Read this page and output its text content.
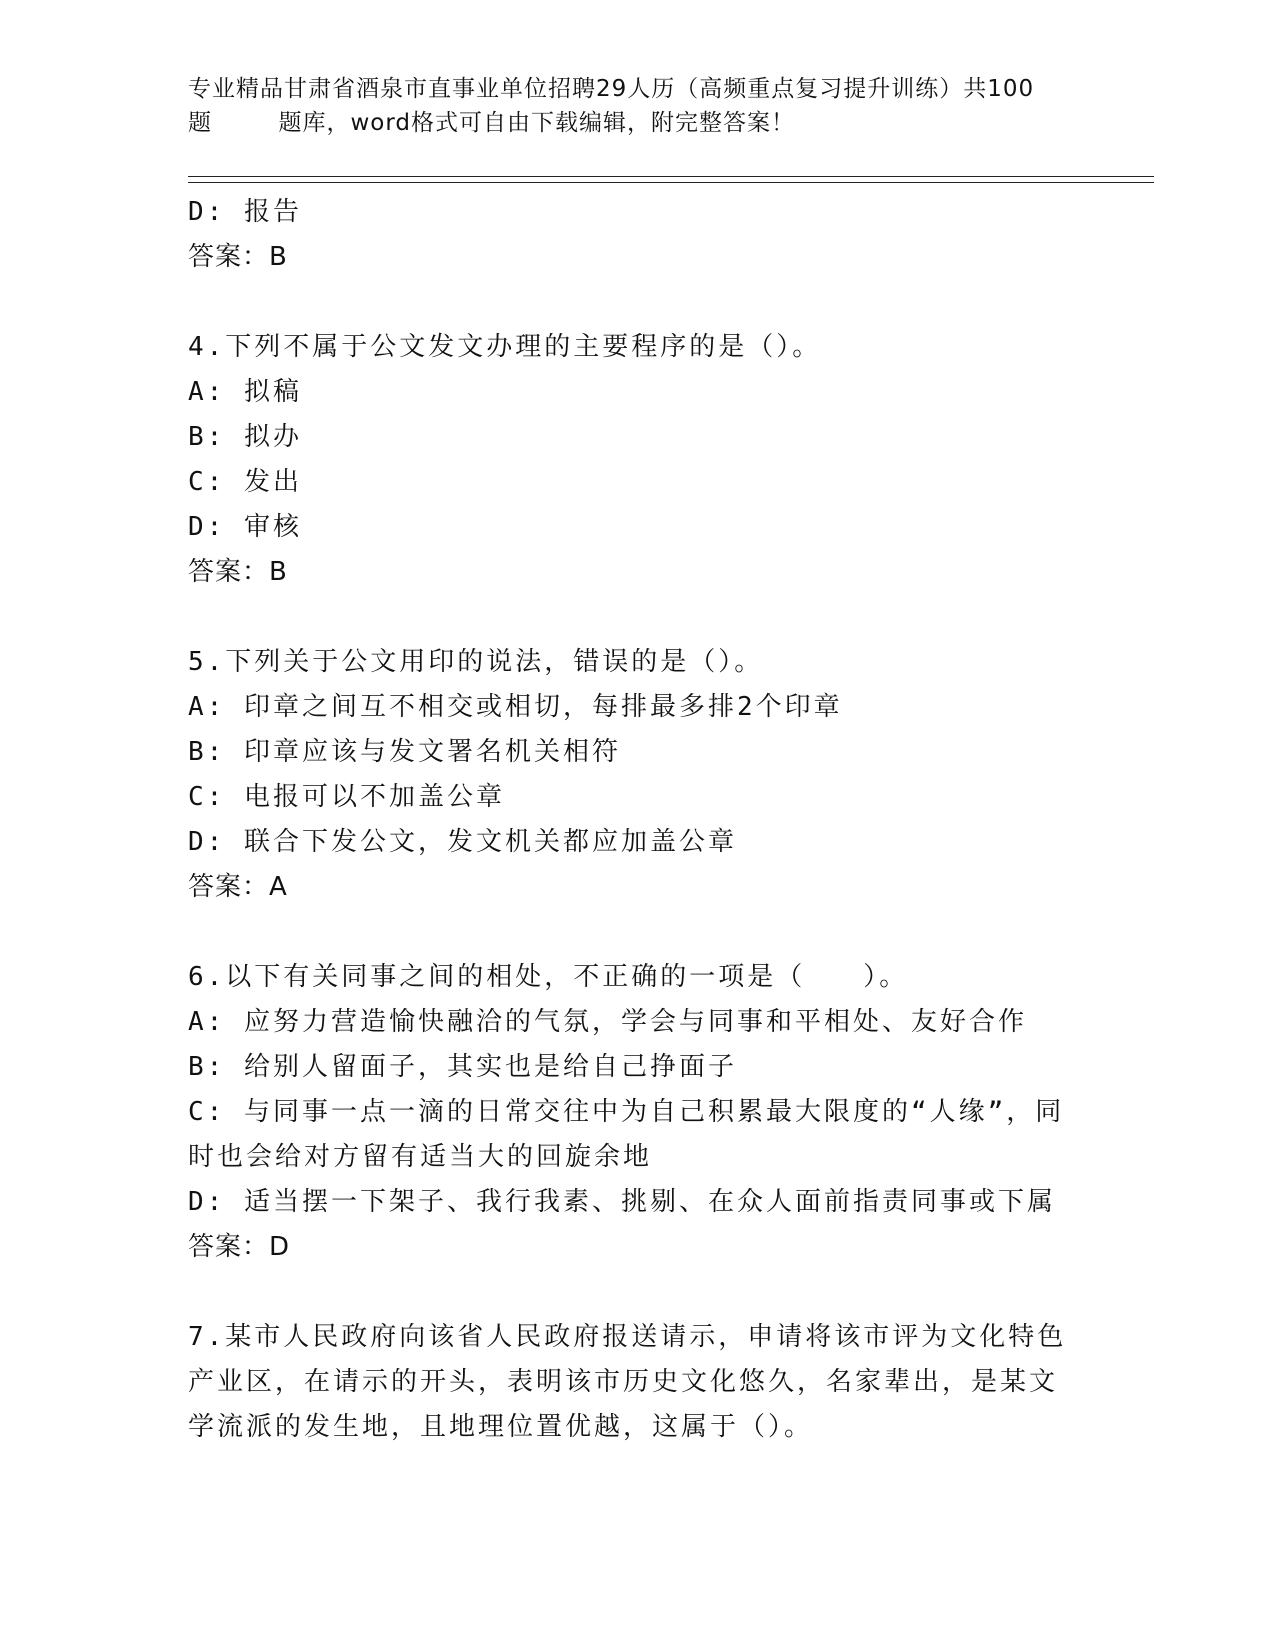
专业精品甘肃省酒泉市直事业单位招聘29人历（高频重点复习提升训练）共100
题        题库，word格式可自由下载编辑，附完整答案！
D: 报告
答案：B
4.下列不属于公文发文办理的主要程序的是（）。
A: 拟稿
B: 拟办
C: 发出
D: 审核
答案：B
5.下列关于公文用印的说法，错误的是（）。
A: 印章之间互不相交或相切，每排最多排2个印章
B: 印章应该与发文署名机关相符
C: 电报可以不加盖公章
D: 联合下发公文，发文机关都应加盖公章
答案：A
6.以下有关同事之间的相处，不正确的一项是（　　）。
A: 应努力营造愉快融洽的气氛，学会与同事和平相处、友好合作
B: 给别人留面子，其实也是给自己挣面子
C: 与同事一点一滴的日常交往中为自己积累最大限度的“人缘”，同
时也会给对方留有适当大的回旋余地
D: 适当摆一下架子、我行我素、挑剔、在众人面前指责同事或下属
答案：D
7.某市人民政府向该省人民政府报送请示，申请将该市评为文化特色
产业区，在请示的开头，表明该市历史文化悠久，名家辈出，是某文
学流派的发生地，且地理位置优越，这属于（）。
